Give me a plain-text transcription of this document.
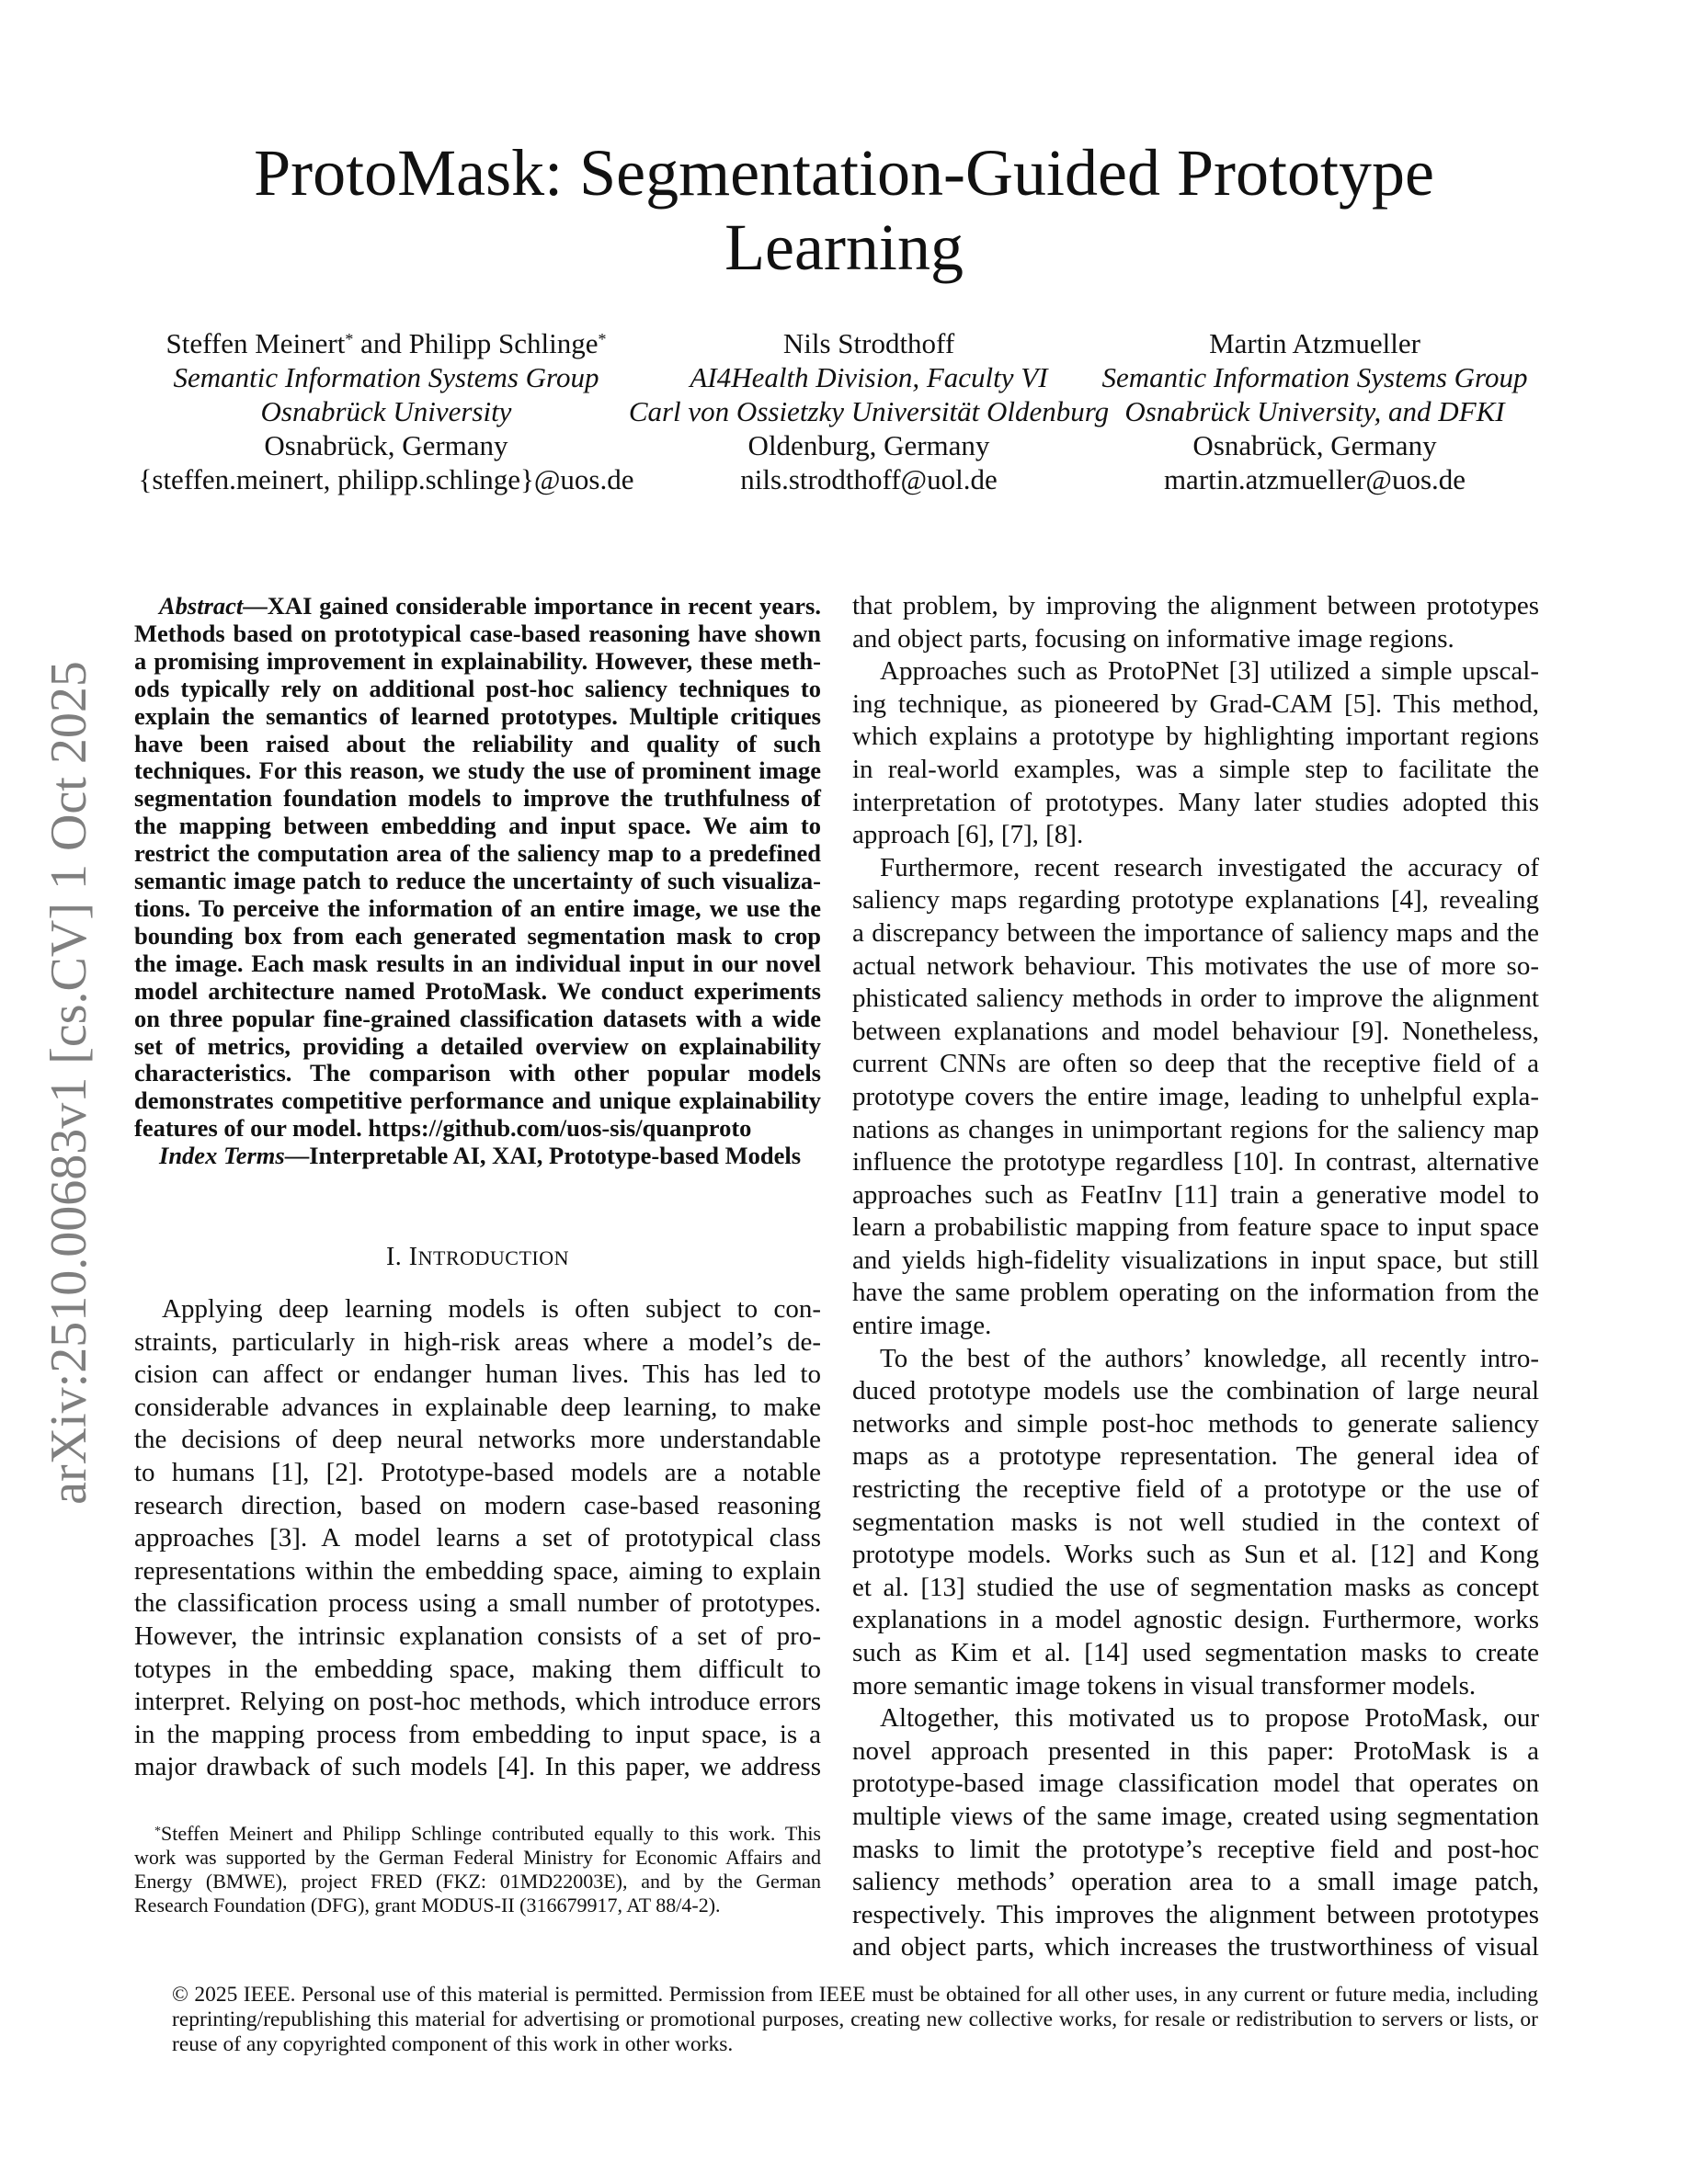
arXiv:2510.00683v1 [cs.CV] 1 Oct 2025
ProtoMask: Segmentation-Guided Prototype
Learning
Steffen Meinert* and Philipp Schlinge*
Semantic Information Systems Group
Osnabrück University
Osnabrück, Germany
{steffen.meinert, philipp.schlinge}@uos.de
Nils Strodthoff
AI4Health Division, Faculty VI
Carl von Ossietzky Universität Oldenburg
Oldenburg, Germany
nils.strodthoff@uol.de
Martin Atzmueller
Semantic Information Systems Group
Osnabrück University, and DFKI
Osnabrück, Germany
martin.atzmueller@uos.de
Abstract—XAI gained considerable importance in recent years.
Methods based on prototypical case-based reasoning have shown
a promising improvement in explainability. However, these meth-
ods typically rely on additional post-hoc saliency techniques to
explain the semantics of learned prototypes. Multiple critiques
have been raised about the reliability and quality of such
techniques. For this reason, we study the use of prominent image
segmentation foundation models to improve the truthfulness of
the mapping between embedding and input space. We aim to
restrict the computation area of the saliency map to a predefined
semantic image patch to reduce the uncertainty of such visualiza-
tions. To perceive the information of an entire image, we use the
bounding box from each generated segmentation mask to crop
the image. Each mask results in an individual input in our novel
model architecture named ProtoMask. We conduct experiments
on three popular fine-grained classification datasets with a wide
set of metrics, providing a detailed overview on explainability
characteristics. The comparison with other popular models
demonstrates competitive performance and unique explainability
features of our model. https://github.com/uos-sis/quanproto
Index Terms—Interpretable AI, XAI, Prototype-based Models
I. INTRODUCTION
Applying deep learning models is often subject to con-
straints, particularly in high-risk areas where a model’s de-
cision can affect or endanger human lives. This has led to
considerable advances in explainable deep learning, to make
the decisions of deep neural networks more understandable
to humans [1], [2]. Prototype-based models are a notable
research direction, based on modern case-based reasoning
approaches [3]. A model learns a set of prototypical class
representations within the embedding space, aiming to explain
the classification process using a small number of prototypes.
However, the intrinsic explanation consists of a set of pro-
totypes in the embedding space, making them difficult to
interpret. Relying on post-hoc methods, which introduce errors
in the mapping process from embedding to input space, is a
major drawback of such models [4]. In this paper, we address
that problem, by improving the alignment between prototypes
and object parts, focusing on informative image regions.
Approaches such as ProtoPNet [3] utilized a simple upscal-
ing technique, as pioneered by Grad-CAM [5]. This method,
which explains a prototype by highlighting important regions
in real-world examples, was a simple step to facilitate the
interpretation of prototypes. Many later studies adopted this
approach [6], [7], [8].
Furthermore, recent research investigated the accuracy of
saliency maps regarding prototype explanations [4], revealing
a discrepancy between the importance of saliency maps and the
actual network behaviour. This motivates the use of more so-
phisticated saliency methods in order to improve the alignment
between explanations and model behaviour [9]. Nonetheless,
current CNNs are often so deep that the receptive field of a
prototype covers the entire image, leading to unhelpful expla-
nations as changes in unimportant regions for the saliency map
influence the prototype regardless [10]. In contrast, alternative
approaches such as FeatInv [11] train a generative model to
learn a probabilistic mapping from feature space to input space
and yields high-fidelity visualizations in input space, but still
have the same problem operating on the information from the
entire image.
To the best of the authors’ knowledge, all recently intro-
duced prototype models use the combination of large neural
networks and simple post-hoc methods to generate saliency
maps as a prototype representation. The general idea of
restricting the receptive field of a prototype or the use of
segmentation masks is not well studied in the context of
prototype models. Works such as Sun et al. [12] and Kong
et al. [13] studied the use of segmentation masks as concept
explanations in a model agnostic design. Furthermore, works
such as Kim et al. [14] used segmentation masks to create
more semantic image tokens in visual transformer models.
Altogether, this motivated us to propose ProtoMask, our
novel approach presented in this paper: ProtoMask is a
prototype-based image classification model that operates on
multiple views of the same image, created using segmentation
masks to limit the prototype’s receptive field and post-hoc
saliency methods’ operation area to a small image patch,
respectively. This improves the alignment between prototypes
and object parts, which increases the trustworthiness of visual
*Steffen Meinert and Philipp Schlinge contributed equally to this work. This
work was supported by the German Federal Ministry for Economic Affairs and
Energy (BMWE), project FRED (FKZ: 01MD22003E), and by the German
Research Foundation (DFG), grant MODUS-II (316679917, AT 88/4-2).
© 2025 IEEE. Personal use of this material is permitted. Permission from IEEE must be obtained for all other uses, in any current or future media, including
reprinting/republishing this material for advertising or promotional purposes, creating new collective works, for resale or redistribution to servers or lists, or
reuse of any copyrighted component of this work in other works.
